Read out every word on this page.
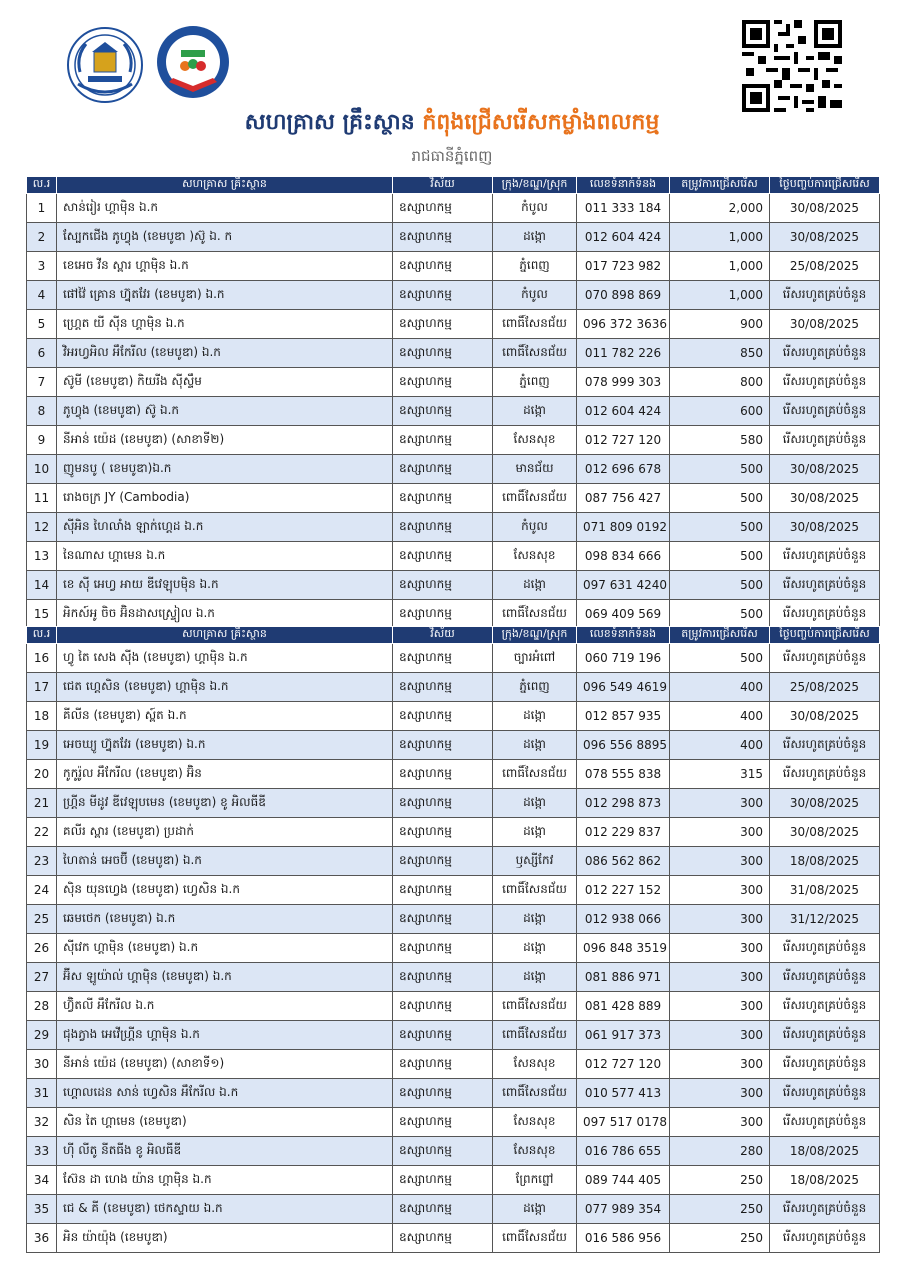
សហគ្រាស គ្រឹះស្ថាន កំពុងជ្រើសរើសកម្លាំងពលកម្ម
រាជធានីភ្នំពេញ
ល.រ	សហគ្រាស គ្រឹះស្ថាន	វិស័យ	ក្រុង/ខណ្ឌ/ស្រុក	លេខទំនាក់ទំនង	តម្រូវការជ្រើសរើស	ថ្ងៃបញ្ចប់ការជ្រើសរើស
1	សាន់រៀរ ហ្គាម៉ិន ឯ.ក	ឧស្សាហកម្ម	កំបូល	011 333 184	2,000	30/08/2025
2	ស្បែកជើង ភូហ្វុង (ខេមបូឌា )ស៊ូ ឯ. ក	ឧស្សាហកម្ម	ដង្កោ	012 604 424	1,000	30/08/2025
3	ខេអេច វីន ស្ពារ ហ្គាម៉ិន ឯ.ក	ឧស្សាហកម្ម	ភ្នំពេញ	017 723 982	1,000	25/08/2025
4	ផៅវ៉ៃ គ្រោន ហ្វ៊ុតវែរ (ខេមបូឌា) ឯ.ក	ឧស្សាហកម្ម	កំបូល	070 898 869	1,000	រើសរហូតគ្រប់ចំនួន
5	ហ្គ្រេត យី ស៊ីន ហ្គាម៉ិន ឯ.ក	ឧស្សាហកម្ម	ពោធិ៍សែនជ័យ	096 372 3636	900	30/08/2025
6	វិអរហ្វអិល អឹកែរីល (ខេមបូឌា) ឯ.ក	ឧស្សាហកម្ម	ពោធិ៍សែនជ័យ	011 782 226	850	រើសរហូតគ្រប់ចំនួន
7	ស៊ូមី (ខេមបូឌា) កិយរីង ស៊ីស្ទឹម	ឧស្សាហកម្ម	ភ្នំពេញ	078 999 303	800	រើសរហូតគ្រប់ចំនួន
8	ភូហ្វុង (ខេមបូឌា) ស៊ូ ឯ.ក	ឧស្សាហកម្ម	ដង្កោ	012 604 424	600	រើសរហូតគ្រប់ចំនួន
9	នីអាន់ យ៉េដ (ខេមបូឌា) (សាខាទី២)	ឧស្សាហកម្ម	សែនសុខ	012 727 120	580	រើសរហូតគ្រប់ចំនួន
10	ញូមនបូ ( ខេមបូឌា)ឯ.ក	ឧស្សាហកម្ម	មានជ័យ	012 696 678	500	30/08/2025
11	រោងចក្រ JY (Cambodia)	ឧស្សាហកម្ម	ពោធិ៍សែនជ័យ	087 756 427	500	30/08/2025
12	ស៊ីអិន ហៃលាំង ឡាក់ហ្គេដ ឯ.ក	ឧស្សាហកម្ម	កំបូល	071 809 0192	500	30/08/2025
13	នៃណាស ហ្គាមេន ឯ.ក	ឧស្សាហកម្ម	សែនសុខ	098 834 666	500	រើសរហូតគ្រប់ចំនួន
14	ខេ ស៊ី អេហ្វ អាយ ឌីវេឡុបម៉ិន ឯ.ក	ឧស្សាហកម្ម	ដង្កោ	097 631 4240	500	រើសរហូតគ្រប់ចំនួន
15	អិកស៍អូ ចិច អ៊ិនដាសស្ទ្រៀល ឯ.ក	ឧស្សាហកម្ម	ពោធិ៍សែនជ័យ	069 409 569	500	រើសរហូតគ្រប់ចំនួន
ល.រ	សហគ្រាស គ្រឹះស្ថាន	វិស័យ	ក្រុង/ខណ្ឌ/ស្រុក	លេខទំនាក់ទំនង	តម្រូវការជ្រើសរើស	ថ្ងៃបញ្ចប់ការជ្រើសរើស
16	ហ្វូ តៃ សេង ស៊ីង (ខេមបូឌា) ហ្គាម៉ិន ឯ.ក	ឧស្សាហកម្ម	ច្បារអំពៅ	060 719 196	500	រើសរហូតគ្រប់ចំនួន
17	ជេត ហ្គេសិន (ខេមបូឌា) ហ្គាម៉ិន ឯ.ក	ឧស្សាហកម្ម	ភ្នំពេញ	096 549 4619	400	25/08/2025
18	គីលីន (ខេមបូឌា) ស្ព៍ត ឯ.ក	ឧស្សាហកម្ម	ដង្កោ	012 857 935	400	30/08/2025
19	អេចឃ្យូ ហ្វ៊ុតវែរ (ខេមបូឌា) ឯ.ក	ឧស្សាហកម្ម	ដង្កោ	096 556 8895	400	រើសរហូតគ្រប់ចំនួន
20	កូកូរ៉ូល អឹកែរីល (ខេមបូឌា) អ៊ិន	ឧស្សាហកម្ម	ពោធិ៍សែនជ័យ	078 555 838	315	រើសរហូតគ្រប់ចំនួន
21	ហ្គ្រីន មីដូវ ឌីវេឡុបមេន (ខេមបូឌា) ខូ អិលធីឌី	ឧស្សាហកម្ម	ដង្កោ	012 298 873	300	30/08/2025
22	គលីរ ស្ពារ (ខេមបូឌា) ប្រដាក់	ឧស្សាហកម្ម	ដង្កោ	012 229 837	300	30/08/2025
23	ហៃតាន់ អេចប៊ី (ខេមបូឌា) ឯ.ក	ឧស្សាហកម្ម	ឫស្សីកែវ	086 562 862	300	18/08/2025
24	ស៊ិន យុនហ្វេង (ខេមបូឌា) ហ្វេសិន ឯ.ក	ឧស្សាហកម្ម	ពោធិ៍សែនជ័យ	012 227 152	300	31/08/2025
25	ឆេមថេក (ខេមបូឌា) ឯ.ក	ឧស្សាហកម្ម	ដង្កោ	012 938 066	300	31/12/2025
26	ស៊ីវេក ហ្គាម៉ិន (ខេមបូឌា) ឯ.ក	ឧស្សាហកម្ម	ដង្កោ	096 848 3519	300	រើសរហូតគ្រប់ចំនួន
27	អ៊ីស ឡូយ៉ាល់ ហ្គាម៉ិន (ខេមបូឌា) ឯ.ក	ឧស្សាហកម្ម	ដង្កោ	081 886 971	300	រើសរហូតគ្រប់ចំនួន
28	ហ្វ៊ិតលី អឹកែរីល ឯ.ក	ឧស្សាហកម្ម	ពោធិ៍សែនជ័យ	081 428 889	300	រើសរហូតគ្រប់ចំនួន
29	ជុងភ្វាង អេវើហ្គ្រីន ហ្គាម៉ិន ឯ.ក	ឧស្សាហកម្ម	ពោធិ៍សែនជ័យ	061 917 373	300	រើសរហូតគ្រប់ចំនួន
30	នីអាន់ យ៉េដ (ខេមបូឌា) (សាខាទី១)	ឧស្សាហកម្ម	សែនសុខ	012 727 120	300	រើសរហូតគ្រប់ចំនួន
31	ហ្គោលដេន សាន់ ហ្វេសិន អឹកែរីល ឯ.ក	ឧស្សាហកម្ម	ពោធិ៍សែនជ័យ	010 577 413	300	រើសរហូតគ្រប់ចំនួន
32	សិន តៃ ហ្គាមេន (ខេមបូឌា)	ឧស្សាហកម្ម	សែនសុខ	097 517 0178	300	រើសរហូតគ្រប់ចំនួន
33	ហ៊ី លីតូ នីតធីង ខូ អិលធីឌី	ឧស្សាហកម្ម	សែនសុខ	016 786 655	280	18/08/2025
34	ស៊ែន ដា ហេង យ៉ាន ហ្គាម៉ិន ឯ.ក	ឧស្សាហកម្ម	ព្រែកព្នៅ	089 744 405	250	18/08/2025
35	ជេ & គី (ខេមបូឌា) ថេកស្ទាយ ឯ.ក	ឧស្សាហកម្ម	ដង្កោ	077 989 354	250	រើសរហូតគ្រប់ចំនួន
36	អិន យ៉ាយ៉ុង (ខេមបូឌា)	ឧស្សាហកម្ម	ពោធិ៍សែនជ័យ	016 586 956	250	រើសរហូតគ្រប់ចំនួន
